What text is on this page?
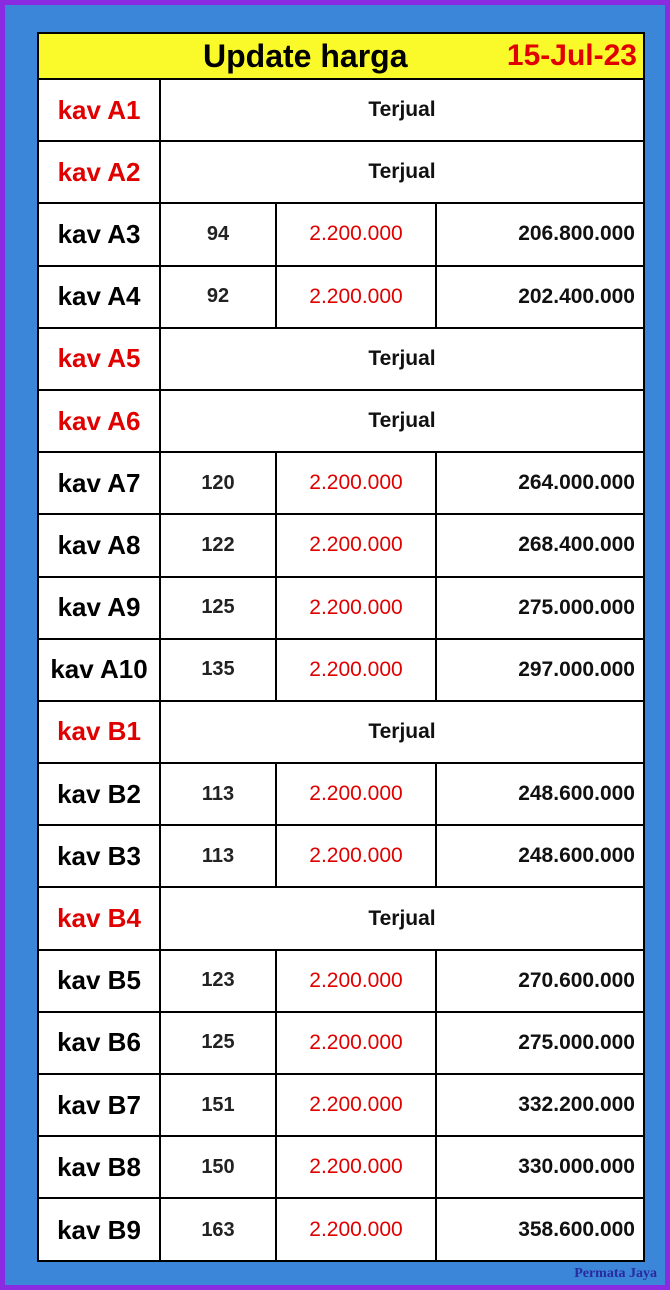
Update harga	15-Jul-23
kav A1	Terjual
kav A2	Terjual
kav A3	94	2.200.000	206.800.000
kav A4	92	2.200.000	202.400.000
kav A5	Terjual
kav A6	Terjual
kav A7	120	2.200.000	264.000.000
kav A8	122	2.200.000	268.400.000
kav A9	125	2.200.000	275.000.000
kav A10	135	2.200.000	297.000.000
kav B1	Terjual
kav B2	113	2.200.000	248.600.000
kav B3	113	2.200.000	248.600.000
kav B4	Terjual
kav B5	123	2.200.000	270.600.000
kav B6	125	2.200.000	275.000.000
kav B7	151	2.200.000	332.200.000
kav B8	150	2.200.000	330.000.000
kav B9	163	2.200.000	358.600.000
Permata Jaya
